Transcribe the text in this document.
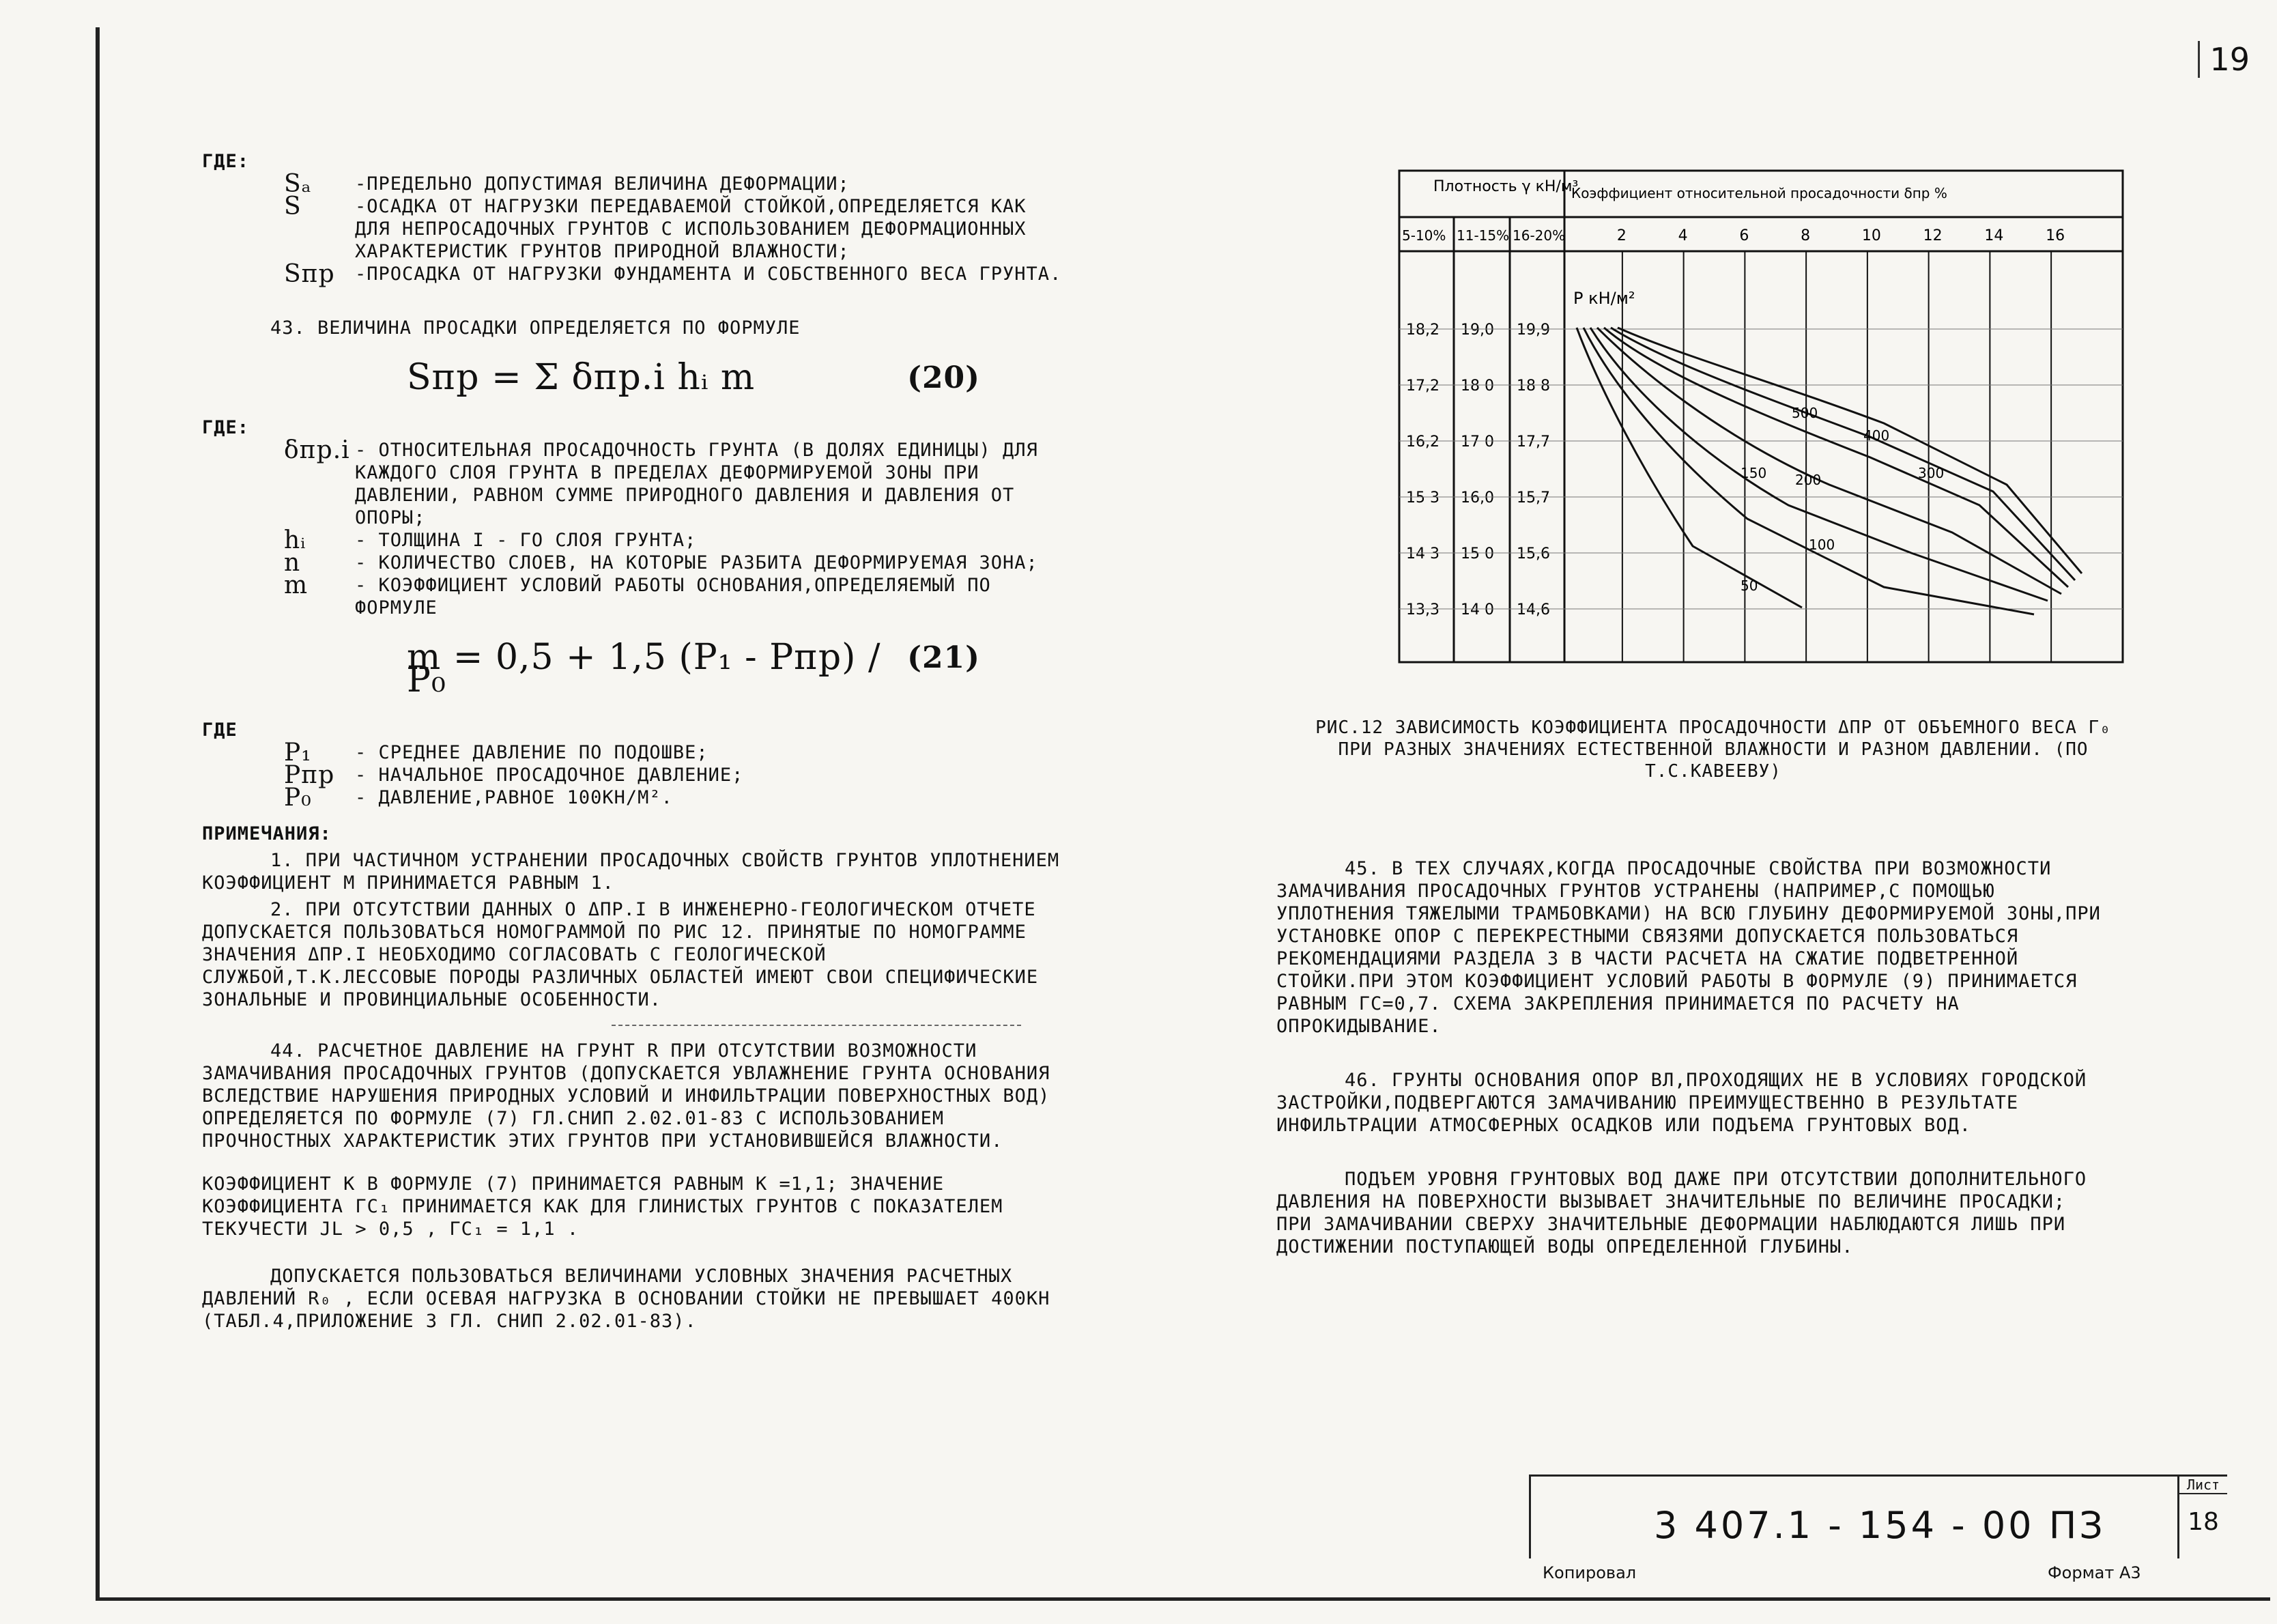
19
ГДЕ:
Sₐ	-ПРЕДЕЛЬНО ДОПУСТИМАЯ ВЕЛИЧИНА ДЕФОРМАЦИИ;
S	-ОСАДКА ОТ НАГРУЗКИ ПЕРЕДАВАЕМОЙ СТОЙКОЙ,ОПРЕДЕЛЯЕТСЯ КАК ДЛЯ НЕПРОСАДОЧНЫХ ГРУНТОВ С ИСПОЛЬЗОВАНИЕМ ДЕФОРМАЦИОННЫХ ХАРАКТЕРИСТИК ГРУНТОВ ПРИРОДНОЙ ВЛАЖНОСТИ;
Sпр	-ПРОСАДКА ОТ НАГРУЗКИ ФУНДАМЕНТА И СОБСТВЕННОГО ВЕСА ГРУНТА.
43. ВЕЛИЧИНА ПРОСАДКИ ОПРЕДЕЛЯЕТСЯ ПО ФОРМУЛЕ
Sпр = Σ δпр.i hᵢ m	(20)
ГДЕ:
δпр.i - ОТНОСИТЕЛЬНАЯ ПРОСАДОЧНОСТЬ ГРУНТА (В ДОЛЯХ ЕДИНИЦЫ) ДЛЯ КАЖДОГО СЛОЯ ГРУНТА В ПРЕДЕЛАХ ДЕФОРМИРУЕМОЙ ЗОНЫ ПРИ ДАВЛЕНИИ, РАВНОМ СУММЕ ПРИРОДНОГО ДАВЛЕНИЯ И ДАВЛЕНИЯ ОТ ОПОРЫ;
hᵢ	- ТОЛЩИНА I - ГО СЛОЯ ГРУНТА;
n	- КОЛИЧЕСТВО СЛОЕВ, НА КОТОРЫЕ РАЗБИТА ДЕФОРМИРУЕМАЯ ЗОНА;
m	- КОЭФФИЦИЕНТ УСЛОВИЙ РАБОТЫ ОСНОВАНИЯ,ОПРЕДЕЛЯЕМЫЙ ПО ФОРМУЛЕ
m = 0,5 + 1,5 (P₁ - Pпр) / P₀
(21)
ГДЕ
P₁	- СРЕДНЕЕ ДАВЛЕНИЕ ПО ПОДОШВЕ;
Pпр	- НАЧАЛЬНОЕ ПРОСАДОЧНОЕ ДАВЛЕНИЕ;
P₀	- ДАВЛЕНИЕ,РАВНОЕ 100КН/М².
ПРИМЕЧАНИЯ:
1. ПРИ ЧАСТИЧНОМ УСТРАНЕНИИ ПРОСАДОЧНЫХ СВОЙСТВ ГРУНТОВ УПЛОТНЕНИЕМ КОЭФФИЦИЕНТ M ПРИНИМАЕТСЯ РАВНЫМ 1.
2. ПРИ ОТСУТСТВИИ ДАННЫХ О ΔПР.I В ИНЖЕНЕРНО-ГЕОЛОГИЧЕСКОМ ОТЧЕТЕ ДОПУСКАЕТСЯ ПОЛЬЗОВАТЬСЯ НОМОГРАММОЙ ПО РИС 12. ПРИНЯТЫЕ ПО НОМОГРАММЕ ЗНАЧЕНИЯ ΔПР.I НЕОБХОДИМО СОГЛАСОВАТЬ С ГЕОЛОГИЧЕСКОЙ СЛУЖБОЙ,Т.К.ЛЕССОВЫЕ ПОРОДЫ РАЗЛИЧНЫХ ОБЛАСТЕЙ ИМЕЮТ СВОИ СПЕЦИФИЧЕСКИЕ ЗОНАЛЬНЫЕ И ПРОВИНЦИАЛЬНЫЕ ОСОБЕННОСТИ.
44. РАСЧЕТНОЕ ДАВЛЕНИЕ НА ГРУНТ R ПРИ ОТСУТСТВИИ ВОЗМОЖНОСТИ ЗАМАЧИВАНИЯ ПРОСАДОЧНЫХ ГРУНТОВ (ДОПУСКАЕТСЯ УВЛАЖНЕНИЕ ГРУНТА ОСНОВАНИЯ ВСЛЕДСТВИЕ НАРУШЕНИЯ ПРИРОДНЫХ УСЛОВИЙ И ИНФИЛЬТРАЦИИ ПОВЕРХНОСТНЫХ ВОД) ОПРЕДЕЛЯЕТСЯ ПО ФОРМУЛЕ (7) ГЛ.СНИП 2.02.01-83 С ИСПОЛЬЗОВАНИЕМ ПРОЧНОСТНЫХ ХАРАКТЕРИСТИК ЭТИХ ГРУНТОВ ПРИ УСТАНОВИВШЕЙСЯ ВЛАЖНОСТИ.
КОЭФФИЦИЕНТ K В ФОРМУЛЕ (7) ПРИНИМАЕТСЯ РАВНЫМ K =1,1; ЗНАЧЕНИЕ КОЭФФИЦИЕНТА ΓC₁ ПРИНИМАЕТСЯ КАК ДЛЯ ГЛИНИСТЫХ ГРУНТОВ С ПОКАЗАТЕЛЕМ ТЕКУЧЕСТИ JL > 0,5 , ΓC₁ = 1,1 .
ДОПУСКАЕТСЯ ПОЛЬЗОВАТЬСЯ ВЕЛИЧИНАМИ УСЛОВНЫХ ЗНАЧЕНИЯ РАСЧЕТНЫХ ДАВЛЕНИЙ R₀ , ЕСЛИ ОСЕВАЯ НАГРУЗКА В ОСНОВАНИИ СТОЙКИ НЕ ПРЕВЫШАЕТ 400КН (ТАБЛ.4,ПРИЛОЖЕНИЕ 3 ГЛ. СНИП 2.02.01-83).
Плотность γ кН/м³
Коэффициент относительной просадочности δпр %
5-10% 11-15% 16-20%	2	4	6	8	10	12	14	16
P кН/м²
18,2 19,0 19,9
17,2 18 0 18 8
16,2 17 0 17,7
15 3 16,0 15,7
14 3 15 0 15,6
13,3 14 0 14,6
500
400
300
150 200
100
50
РИС.12 ЗАВИСИМОСТЬ КОЭФФИЦИЕНТА ПРОСАДОЧНОСТИ ΔПР ОТ ОБЪЕМНОГО ВЕСА Γ₀ ПРИ РАЗНЫХ ЗНАЧЕНИЯХ ЕСТЕСТВЕННОЙ ВЛАЖНОСТИ И РАЗНОМ ДАВЛЕНИИ. (ПО Т.С.КАВЕЕВУ)
45. В ТЕХ СЛУЧАЯХ,КОГДА ПРОСАДОЧНЫЕ СВОЙСТВА ПРИ ВОЗМОЖНОСТИ ЗАМАЧИВАНИЯ ПРОСАДОЧНЫХ ГРУНТОВ УСТРАНЕНЫ (НАПРИМЕР,С ПОМОЩЬЮ УПЛОТНЕНИЯ ТЯЖЕЛЫМИ ТРАМБОВКАМИ) НА ВСЮ ГЛУБИНУ ДЕФОРМИРУЕМОЙ ЗОНЫ,ПРИ УСТАНОВКЕ ОПОР С ПЕРЕКРЕСТНЫМИ СВЯЗЯМИ ДОПУСКАЕТСЯ ПОЛЬЗОВАТЬСЯ РЕКОМЕНДАЦИЯМИ РАЗДЕЛА 3 В ЧАСТИ РАСЧЕТА НА СЖАТИЕ ПОДВЕТРЕННОЙ СТОЙКИ.ПРИ ЭТОМ КОЭФФИЦИЕНТ УСЛОВИЙ РАБОТЫ В ФОРМУЛЕ (9) ПРИНИМАЕТСЯ РАВНЫМ ΓC=0,7. СХЕМА ЗАКРЕПЛЕНИЯ ПРИНИМАЕТСЯ ПО РАСЧЕТУ НА ОПРОКИДЫВАНИЕ.
46. ГРУНТЫ ОСНОВАНИЯ ОПОР ВЛ,ПРОХОДЯЩИХ НЕ В УСЛОВИЯХ ГОРОДСКОЙ ЗАСТРОЙКИ,ПОДВЕРГАЮТСЯ ЗАМАЧИВАНИЮ ПРЕИМУЩЕСТВЕННО В РЕЗУЛЬТАТЕ ИНФИЛЬТРАЦИИ АТМОСФЕРНЫХ ОСАДКОВ ИЛИ ПОДЪЕМА ГРУНТОВЫХ ВОД.
ПОДЪЕМ УРОВНЯ ГРУНТОВЫХ ВОД ДАЖЕ ПРИ ОТСУТСТВИИ ДОПОЛНИТЕЛЬНОГО ДАВЛЕНИЯ НА ПОВЕРХНОСТИ ВЫЗЫВАЕТ ЗНАЧИТЕЛЬНЫЕ ПО ВЕЛИЧИНЕ ПРОСАДКИ; ПРИ ЗАМАЧИВАНИИ СВЕРХУ ЗНАЧИТЕЛЬНЫЕ ДЕФОРМАЦИИ НАБЛЮДАЮТСЯ ЛИШЬ ПРИ ДОСТИЖЕНИИ ПОСТУПАЮЩЕЙ ВОДЫ ОПРЕДЕЛЕННОЙ ГЛУБИНЫ.
3 407.1 - 154 - 00 ПЗ
Лист
18
Копировал	Формат А3
